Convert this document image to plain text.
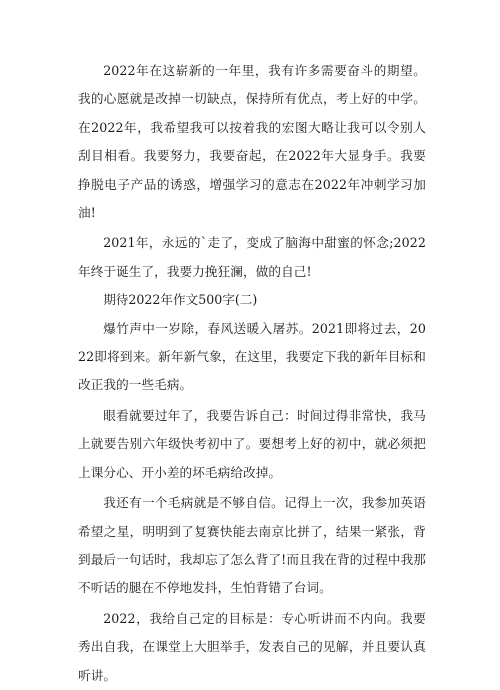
2022年在这崭新的一年里，我有许多需要奋斗的期望。我的心愿就是改掉一切缺点，保持所有优点，考上好的中学。在2022年，我希望我可以按着我的宏图大略让我可以令别人刮目相看。我要努力，我要奋起，在2022年大显身手。我要挣脱电子产品的诱惑，增强学习的意志在2022年冲刺学习加油!

2021年，永远的`走了，变成了脑海中甜蜜的怀念;2022年终于诞生了，我要力挽狂澜，做的自己!

期待2022年作文500字(二)

爆竹声中一岁除，春风送暖入屠苏。2021即将过去，2022即将到来。新年新气象，在这里，我要定下我的新年目标和改正我的一些毛病。

眼看就要过年了，我要告诉自己：时间过得非常快，我马上就要告别六年级快考初中了。要想考上好的初中，就必须把上课分心、开小差的坏毛病给改掉。

我还有一个毛病就是不够自信。记得上一次，我参加英语希望之星，明明到了复赛快能去南京比拼了，结果一紧张，背到最后一句话时，我却忘了怎么背了!而且我在背的过程中我那不听话的腿在不停地发抖，生怕背错了台词。

2022，我给自己定的目标是：专心听讲而不内向。我要秀出自我，在课堂上大胆举手，发表自己的见解，并且要认真听讲。
